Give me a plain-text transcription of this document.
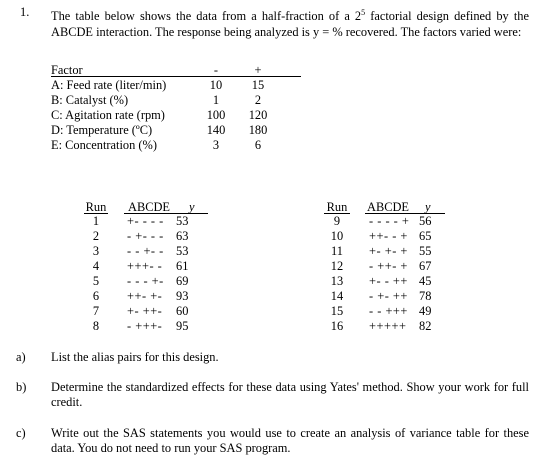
1. The table below shows the data from a half-fraction of a $2^5$ factorial design defined by the ABCDE interaction. The response being analyzed is y = % recovered. The factors varied were:
Factor	-	+
A: Feed rate (liter/min)	10	15
B: Catalyst (%)	1	2
C: Agitation rate (rpm)	100	120
D: Temperature (ºC)	140	180
E: Concentration (%)	3	6
Run ABCDE y
1	+- - - - 53
2	- +- - - 63
3	- - +- - 53
4	+++- - 61
5	- - - +- 69
6	++- +- 93
7	+- ++- 60
8	- +++- 95
Run ABCDE y
9	- - - - + 56
10	++- - + 65
11	+- +- + 55
12	- ++- + 67
13	+- - ++ 45
14	- +- ++ 78
15	- - +++ 49
16	+++++ 82
a) List the alias pairs for this design.
b) Determine the standardized effects for these data using Yates' method. Show your work for full credit.
c) Write out the SAS statements you would use to create an analysis of variance table for these data. You do not need to run your SAS program.
